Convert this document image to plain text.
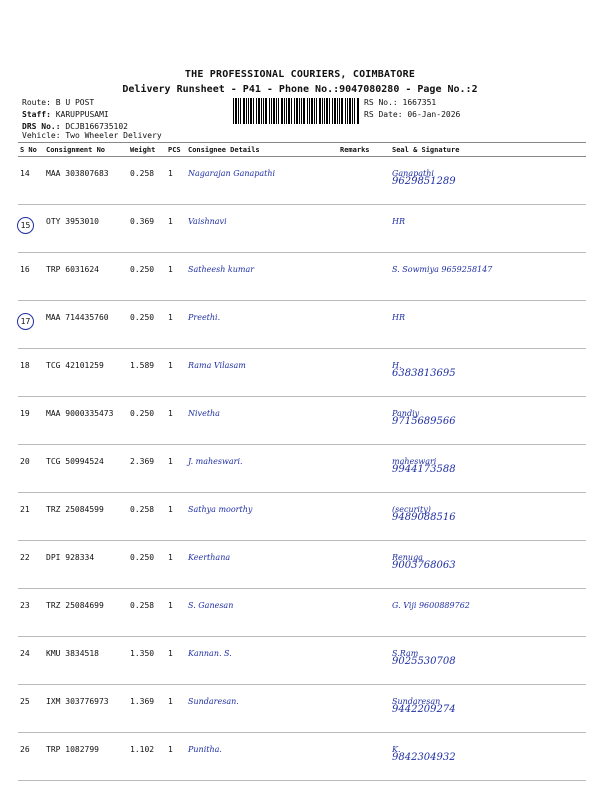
THE PROFESSIONAL COURIERS, COIMBATORE
Delivery Runsheet - P41 - Phone No.:9047080280 - Page No.:2
Route: B U POST
Staff: KARUPPUSAMI
DRS No.: DCJB166735102
Vehicle: Two Wheeler Delivery
RS No.: 1667351
RS Date: 06-Jan-2026
S No	Consignment No	Weight	PCS	Consignee Details	Remarks	Seal & Signature
14	MAA 303807683	0.258	1	Nagarajan Ganapathi		Ganapathi
9629851289

15	OTY 3953010	0.369	1	Vaishnavi		HR

16	TRP 6031624	0.250	1	Satheesh kumar		S. Sowmiya 9659258147

17	MAA 714435760	0.250	1	Preethi.		HR

18	TCG 42101259	1.589	1	Rama Vilasam		H.
6383813695

19	MAA 9000335473	0.250	1	Nivetha		Pandiy
9715689566

20	TCG 50994524	2.369	1	J. maheswari.		maheswari
9944173588

21	TRZ 25084599	0.258	1	Sathya moorthy		(security)
9489088516

22	DPI 928334	0.250	1	Keerthana		Renuga
9003768063

23	TRZ 25084699	0.258	1	S. Ganesan		G. Viji 9600889762

24	KMU 3834518	1.350	1	Kannan. S.		S.Ram
9025530708

25	IXM 303776973	1.369	1	Sundaresan.		Sundaresan
9442209274

26	TRP 1082799	1.102	1	Punitha.		K.
9842304932
